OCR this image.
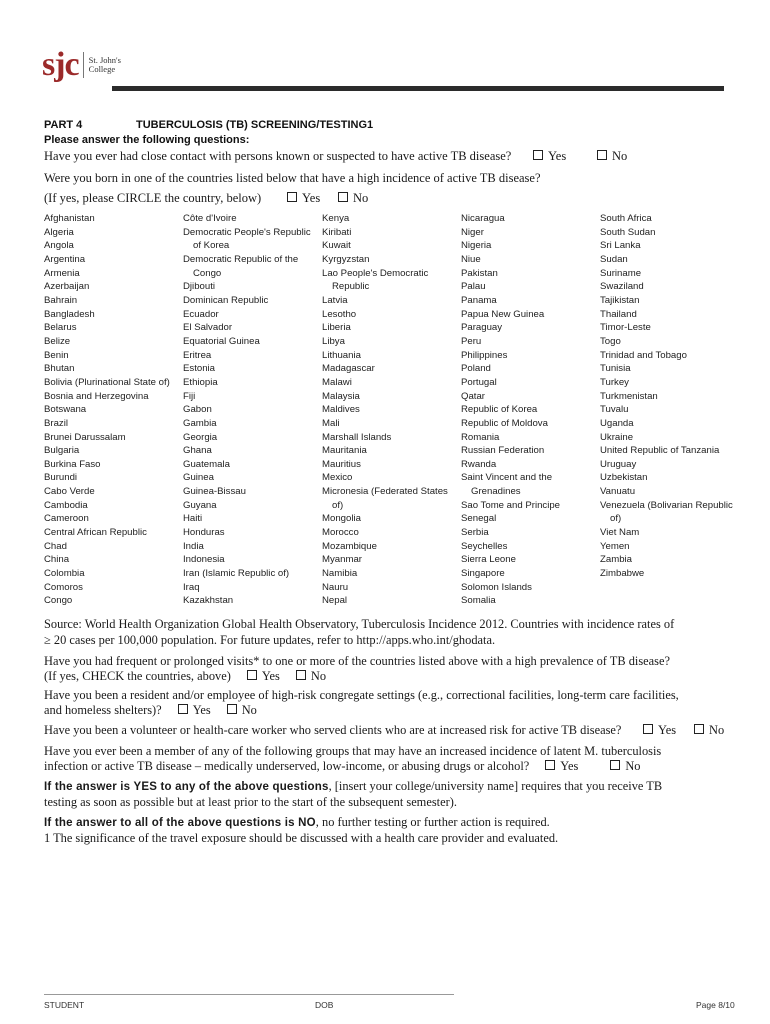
sjc St. John's
College
PART 4	TUBERCULOSIS (TB) SCREENING/TESTING1
Please answer the following questions:
Have you ever had close contact with persons known or suspected to have active TB disease?	Yes	No
Were you born in one of the countries listed below that have a high incidence of active TB disease?
(If yes, please CIRCLE the country, below)	Yes	No
Afghanistan
Algeria
Angola
Argentina
Armenia
Azerbaijan
Bahrain
Bangladesh
Belarus
Belize
Benin
Bhutan
Bolivia (Plurinational State of)
Bosnia and Herzegovina
Botswana
Brazil
Brunei Darussalam
Bulgaria
Burkina Faso
Burundi
Cabo Verde
Cambodia
Cameroon
Central African Republic
Chad
China
Colombia
Comoros
Congo
Côte d'Ivoire
Democratic People's Republic
of Korea
Democratic Republic of the
Congo
Djibouti
Dominican Republic
Ecuador
El Salvador
Equatorial Guinea
Eritrea
Estonia
Ethiopia
Fiji
Gabon
Gambia
Georgia
Ghana
Guatemala
Guinea
Guinea-Bissau
Guyana
Haiti
Honduras
India
Indonesia
Iran (Islamic Republic of)
Iraq
Kazakhstan
Kenya
Kiribati
Kuwait
Kyrgyzstan
Lao People's Democratic
Republic
Latvia
Lesotho
Liberia
Libya
Lithuania
Madagascar
Malawi
Malaysia
Maldives
Mali
Marshall Islands
Mauritania
Mauritius
Mexico
Micronesia (Federated States
of)
Mongolia
Morocco
Mozambique
Myanmar
Namibia
Nauru
Nepal
Nicaragua
Niger
Nigeria
Niue
Pakistan
Palau
Panama
Papua New Guinea
Paraguay
Peru
Philippines
Poland
Portugal
Qatar
Republic of Korea
Republic of Moldova
Romania
Russian Federation
Rwanda
Saint Vincent and the
Grenadines
Sao Tome and Principe
Senegal
Serbia
Seychelles
Sierra Leone
Singapore
Solomon Islands
Somalia
South Africa
South Sudan
Sri Lanka
Sudan
Suriname
Swaziland
Tajikistan
Thailand
Timor-Leste
Togo
Trinidad and Tobago
Tunisia
Turkey
Turkmenistan
Tuvalu
Uganda
Ukraine
United Republic of Tanzania
Uruguay
Uzbekistan
Vanuatu
Venezuela (Bolivarian Republic
of)
Viet Nam
Yemen
Zambia
Zimbabwe
Source: World Health Organization Global Health Observatory, Tuberculosis Incidence 2012. Countries with incidence rates of
≥ 20 cases per 100,000 population. For future updates, refer to http://apps.who.int/ghodata.
Have you had frequent or prolonged visits* to one or more of the countries listed above with a high prevalence of TB disease?
(If yes, CHECK the countries, above)	Yes	No
Have you been a resident and/or employee of high-risk congregate settings (e.g., correctional facilities, long-term care facilities,
and homeless shelters)?	Yes	No
Have you been a volunteer or health-care worker who served clients who are at increased risk for active TB disease?	Yes	No
Have you ever been a member of any of the following groups that may have an increased incidence of latent M. tuberculosis
infection or active TB disease – medically underserved, low-income, or abusing drugs or alcohol?	Yes	No
If the answer is YES to any of the above questions, [insert your college/university name] requires that you receive TB
testing as soon as possible but at least prior to the start of the subsequent semester).
If the answer to all of the above questions is NO, no further testing or further action is required.
1 The significance of the travel exposure should be discussed with a health care provider and evaluated.
STUDENT	DOB	Page 8/10
